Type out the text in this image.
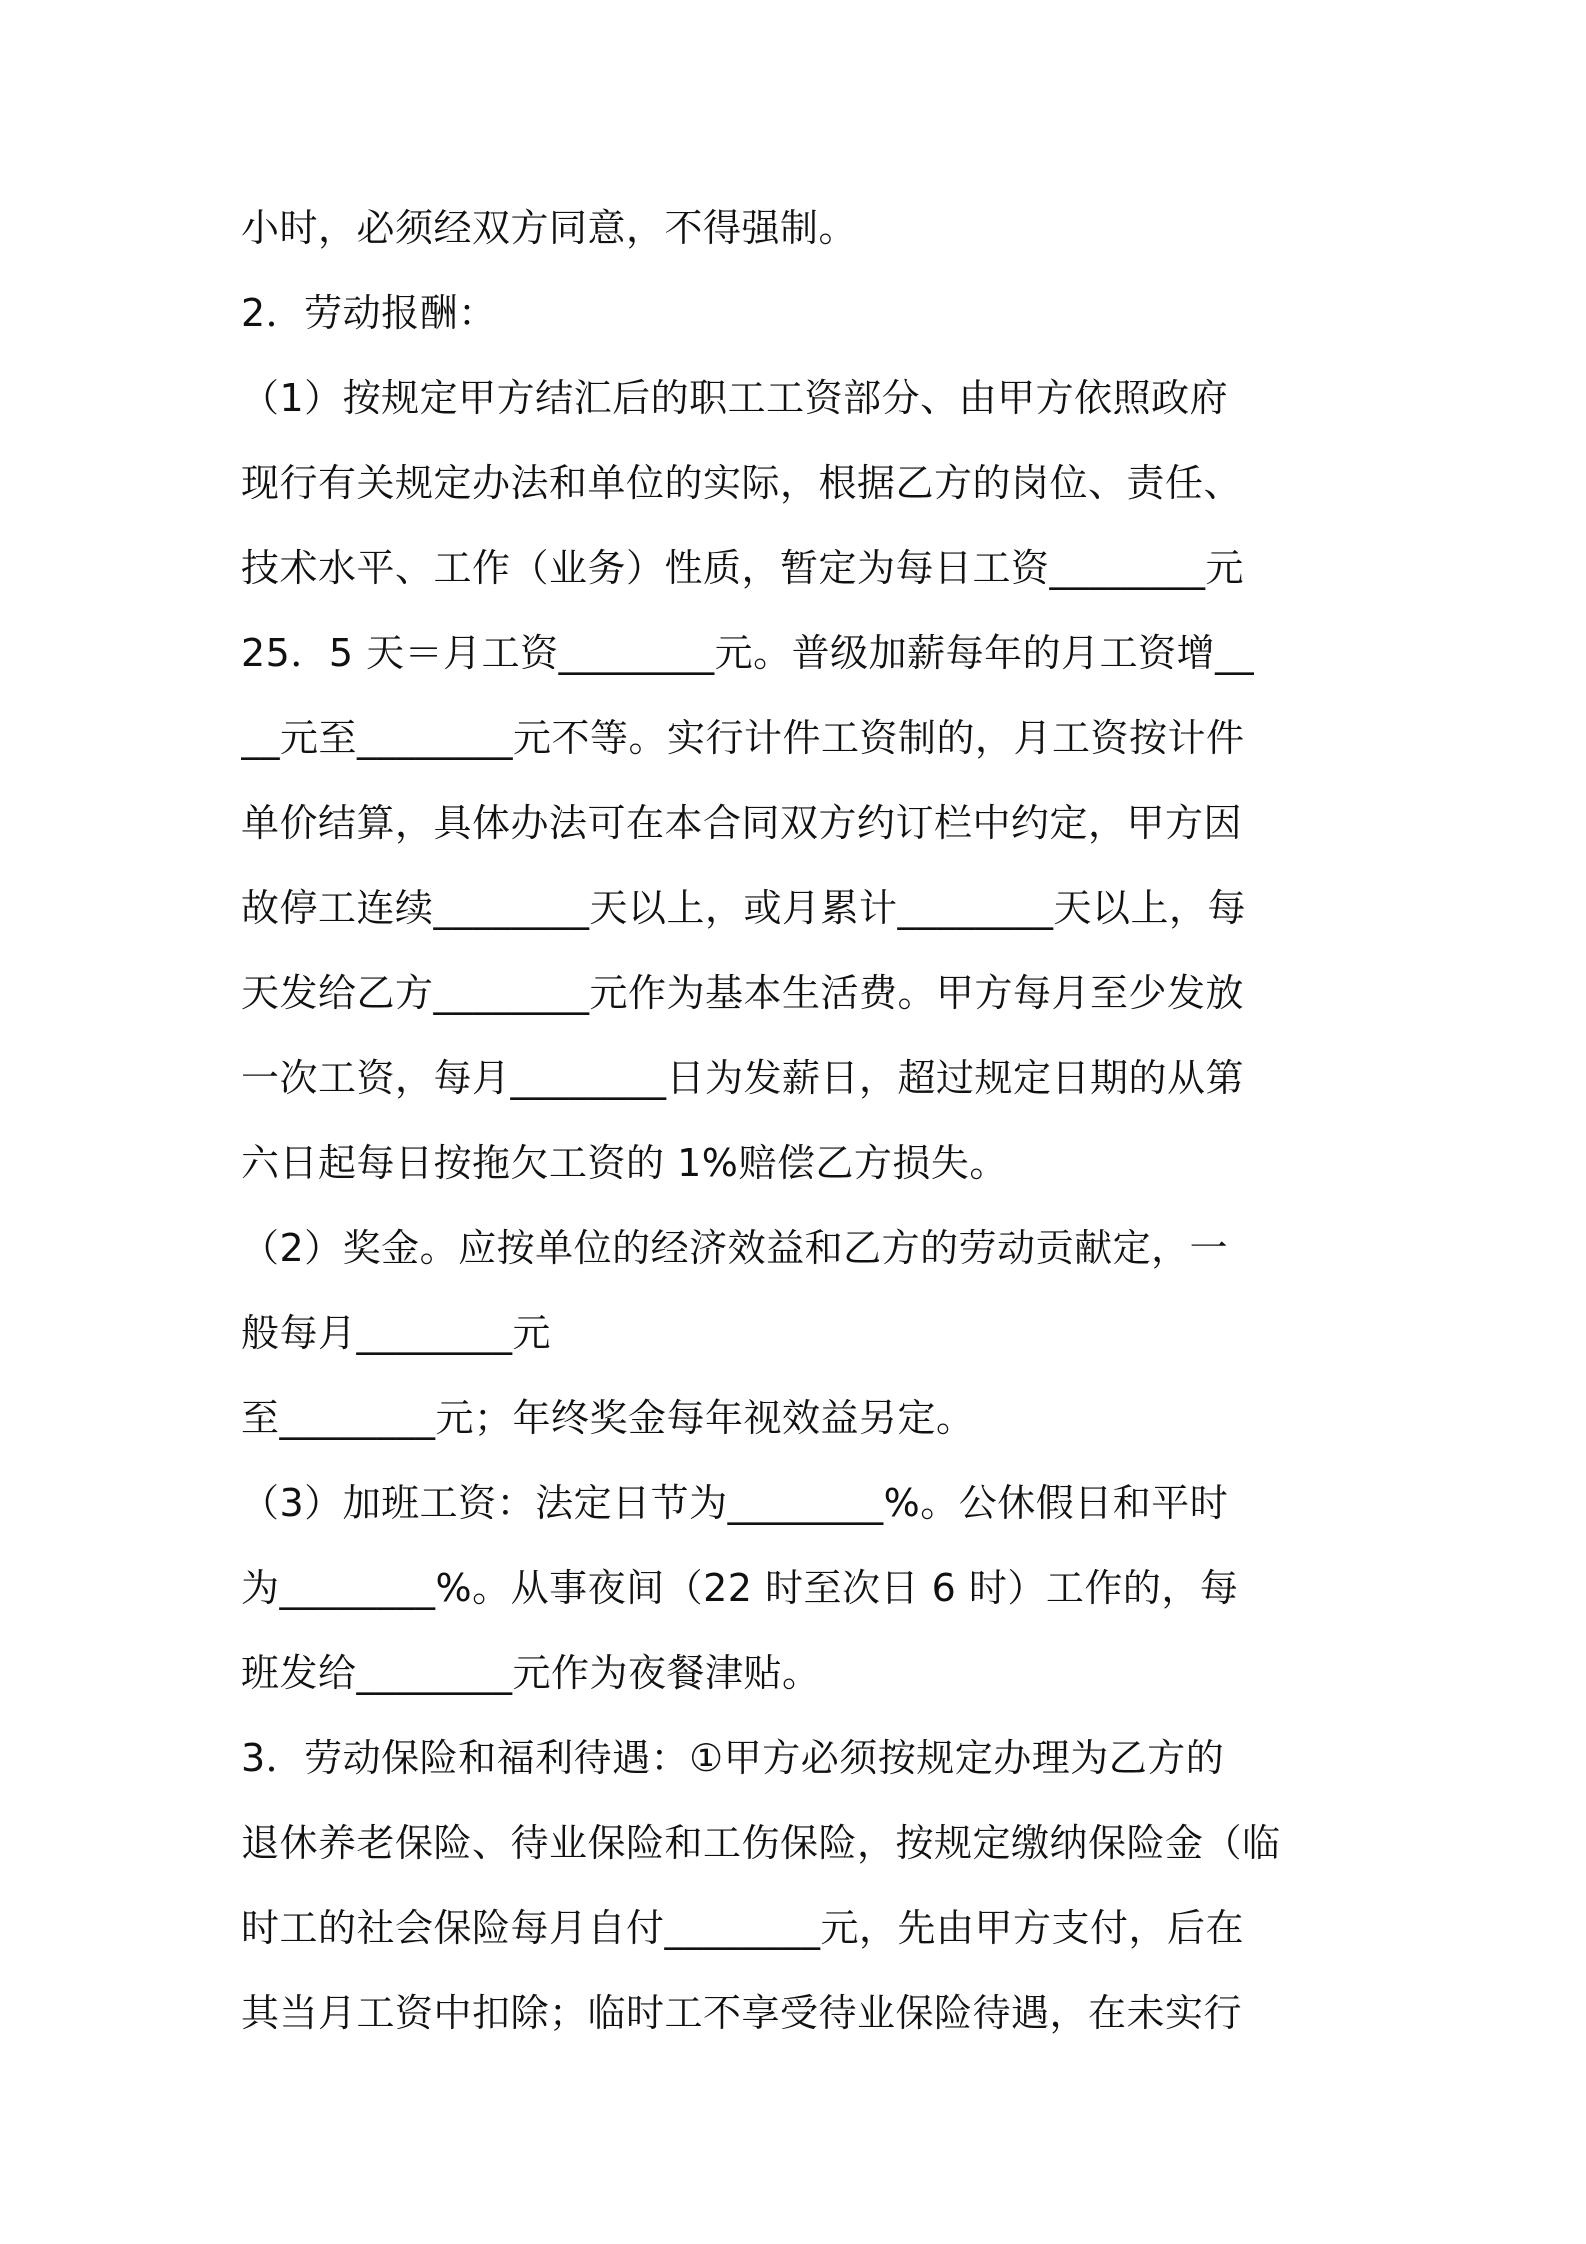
小时，必须经双方同意，不得强制。
2．劳动报酬：
（1）按规定甲方结汇后的职工工资部分、由甲方依照政府
现行有关规定办法和单位的实际，根据乙方的岗位、责任、
技术水平、工作（业务）性质，暂定为每日工资________元
25．5 天＝月工资________元。普级加薪每年的月工资增__
__元至________元不等。实行计件工资制的，月工资按计件
单价结算，具体办法可在本合同双方约订栏中约定，甲方因
故停工连续________天以上，或月累计________天以上，每
天发给乙方________元作为基本生活费。甲方每月至少发放
一次工资，每月________日为发薪日，超过规定日期的从第
六日起每日按拖欠工资的 1%赔偿乙方损失。
（2）奖金。应按单位的经济效益和乙方的劳动贡献定，一
般每月________元
至________元；年终奖金每年视效益另定。
（3）加班工资：法定日节为________%。公休假日和平时
为________%。从事夜间（22 时至次日 6 时）工作的，每
班发给________元作为夜餐津贴。
3．劳动保险和福利待遇：①甲方必须按规定办理为乙方的
退休养老保险、待业保险和工伤保险，按规定缴纳保险金（临
时工的社会保险每月自付________元，先由甲方支付，后在
其当月工资中扣除；临时工不享受待业保险待遇，在未实行
